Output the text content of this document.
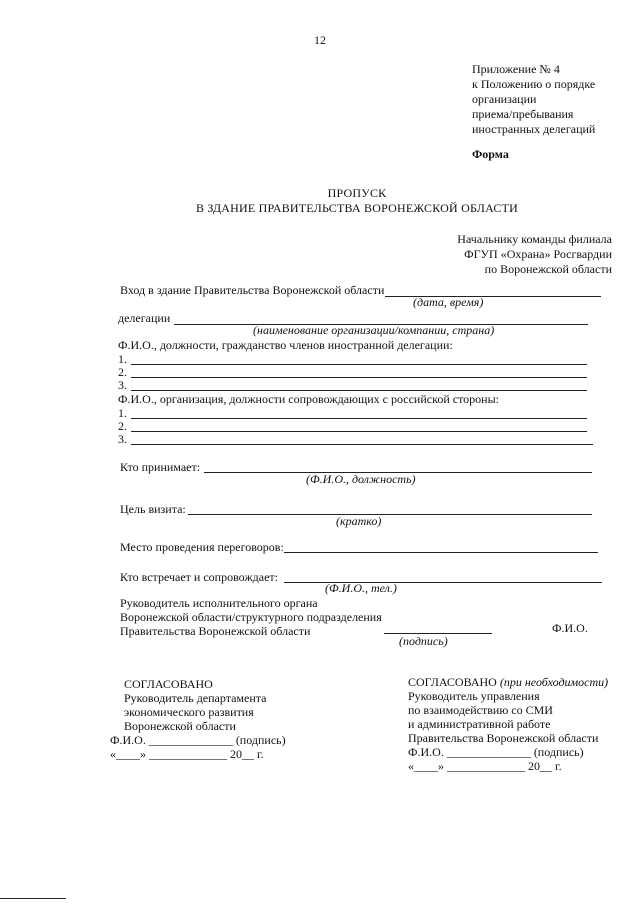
12
Приложение № 4
к Положению о порядке
организации
приема/пребывания
иностранных делегаций
Форма
ПРОПУСК
В ЗДАНИЕ ПРАВИТЕЛЬСТВА ВОРОНЕЖСКОЙ ОБЛАСТИ
Начальнику команды филиала
ФГУП «Охрана» Росгвардии
по Воронежской области
Вход в здание Правительства Воронежской области
(дата, время)
делегации
(наименование организации/компании, страна)
Ф.И.О., должности, гражданство членов иностранной делегации:
1.
2.
3.
Ф.И.О., организация, должности сопровождающих с российской стороны:
1.
2.
3.
Кто принимает:
(Ф.И.О., должность)
Цель визита:
(кратко)
Место проведения переговоров:
Кто встречает и сопровождает:
(Ф.И.О., тел.)
Руководитель исполнительного органа
Воронежской области/структурного подразделения
Правительства Воронежской области
(подпись)
Ф.И.О.
СОГЛАСОВАНО
Руководитель департамента
экономического развития
Воронежской области
Ф.И.О. ______________ (подпись)
«____» _____________ 20__ г.
СОГЛАСОВАНО (при необходимости)
Руководитель управления
по взаимодействию со СМИ
и административной работе
Правительства Воронежской области
Ф.И.О. ______________ (подпись)
«____» _____________ 20__ г.
